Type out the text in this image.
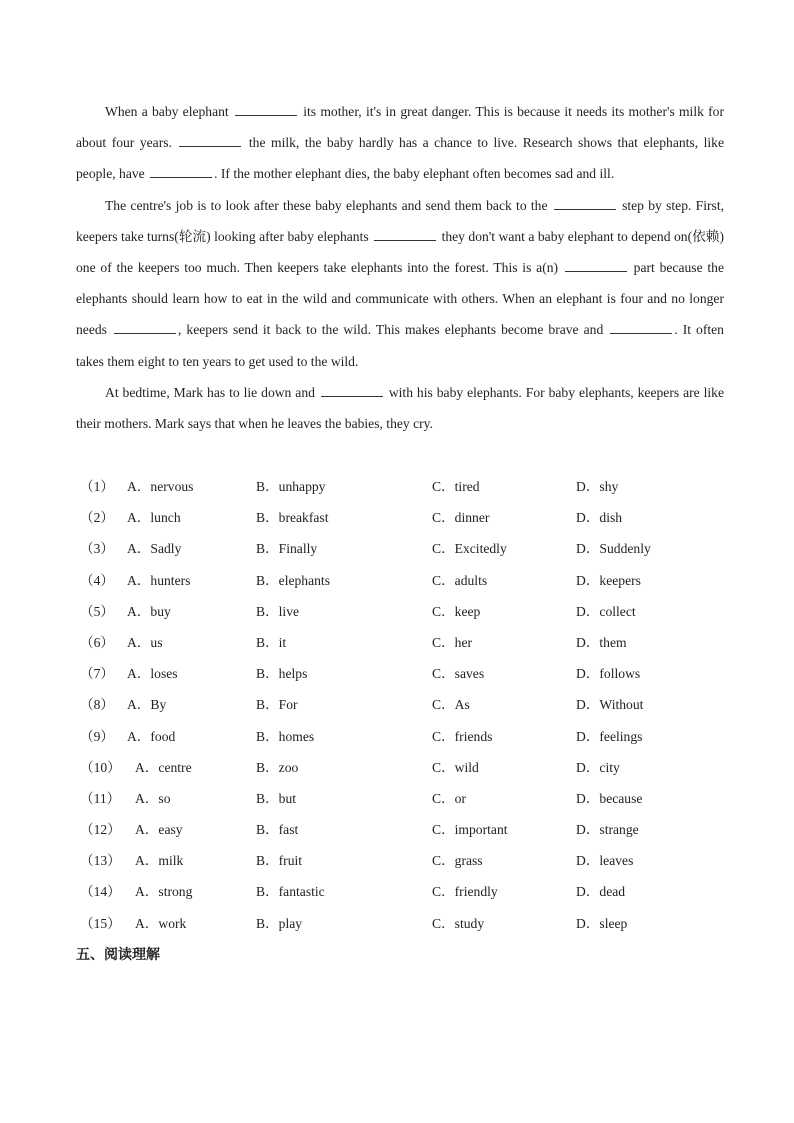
When a baby elephant	its mother, it's in great danger. This is because it needs its mother's milk for about four years.	the milk, the baby hardly has a chance to live. Research shows that elephants, like people, have	. If the mother elephant dies, the baby elephant often becomes sad and ill.

The centre's job is to look after these baby elephants and send them back to the	step by step. First, keepers take turns(轮流) looking after baby elephants	they don't want a baby elephant to depend on(依赖) one of the keepers too much. Then keepers take elephants into the forest. This is a(n)	part because the elephants should learn how to eat in the wild and communicate with others. When an elephant is four and no longer needs	, keepers send it back to the wild. This makes elephants become brave and	. It often takes them eight to ten years to get used to the wild.

At bedtime, Mark has to lie down and	with his baby elephants. For baby elephants, keepers are like their mothers. Mark says that when he leaves the babies, they cry.

（1） A．nervous	B．unhappy	C．tired	D．shy
（2） A．lunch	B．breakfast	C．dinner	D．dish
（3） A．Sadly	B．Finally	C．Excitedly	D．Suddenly
（4） A．hunters	B．elephants	C．adults	D．keepers
（5） A．buy	B．live	C．keep	D．collect
（6） A．us	B．it	C．her	D．them
（7） A．loses	B．helps	C．saves	D．follows
（8） A．By	B．For	C．As	D．Without
（9） A．food	B．homes	C．friends	D．feelings
（10） A．centre	B．zoo	C．wild	D．city
（11） A．so	B．but	C．or	D．because
（12） A．easy	B．fast	C．important	D．strange
（13） A．milk	B．fruit	C．grass	D．leaves
（14） A．strong	B．fantastic	C．friendly	D．dead
（15） A．work	B．play	C．study	D．sleep
五、阅读理解
